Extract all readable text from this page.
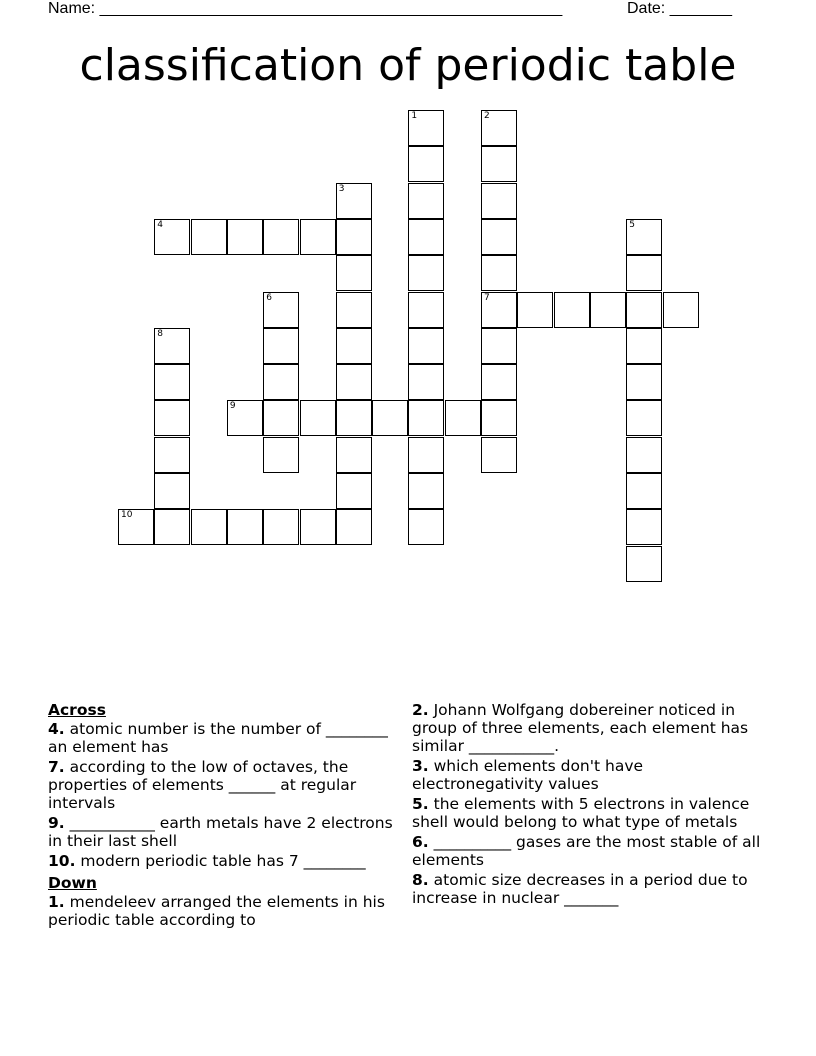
Name: ____________________________________________________	Date: _______
classification of periodic table
1	2
7
3
4	5
6
8
9
10
Across
4. atomic number is the number of ________ an element has
7. according to the low of octaves, the properties of elements ______ at regular intervals
9. ___________ earth metals have 2 electrons in their last shell
10. modern periodic table has 7 ________
Down
1. mendeleev arranged the elements in his periodic table according to
2. Johann Wolfgang dobereiner noticed in group of three elements, each element has similar ___________.
3. which elements don't have electronegativity values
5. the elements with 5 electrons in valence shell would belong to what type of metals
6. __________ gases are the most stable of all elements
8. atomic size decreases in a period due to increase in nuclear _______
